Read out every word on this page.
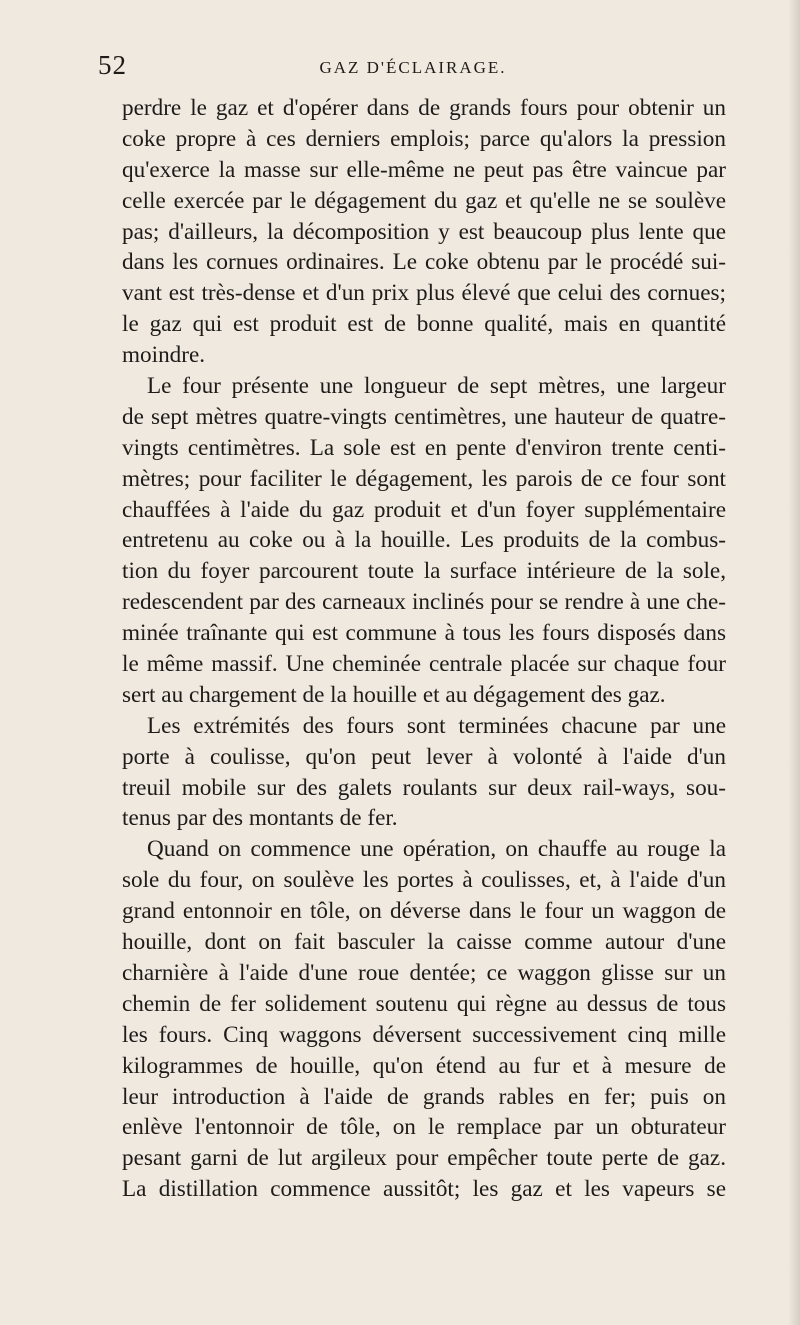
52	GAZ D'ÉCLAIRAGE.
perdre le gaz et d'opérer dans de grands fours pour obtenir un
coke propre à ces derniers emplois; parce qu'alors la pression
qu'exerce la masse sur elle-même ne peut pas être vaincue par
celle exercée par le dégagement du gaz et qu'elle ne se soulève
pas; d'ailleurs, la décomposition y est beaucoup plus lente que
dans les cornues ordinaires. Le coke obtenu par le procédé sui-
vant est très-dense et d'un prix plus élevé que celui des cornues;
le gaz qui est produit est de bonne qualité, mais en quantité
moindre.
Le four présente une longueur de sept mètres, une largeur
de sept mètres quatre-vingts centimètres, une hauteur de quatre-
vingts centimètres. La sole est en pente d'environ trente centi-
mètres; pour faciliter le dégagement, les parois de ce four sont
chauffées à l'aide du gaz produit et d'un foyer supplémentaire
entretenu au coke ou à la houille. Les produits de la combus-
tion du foyer parcourent toute la surface intérieure de la sole,
redescendent par des carneaux inclinés pour se rendre à une che-
minée traînante qui est commune à tous les fours disposés dans
le même massif. Une cheminée centrale placée sur chaque four
sert au chargement de la houille et au dégagement des gaz.
Les extrémités des fours sont terminées chacune par une
porte à coulisse, qu'on peut lever à volonté à l'aide d'un
treuil mobile sur des galets roulants sur deux rail-ways, sou-
tenus par des montants de fer.
Quand on commence une opération, on chauffe au rouge la
sole du four, on soulève les portes à coulisses, et, à l'aide d'un
grand entonnoir en tôle, on déverse dans le four un waggon de
houille, dont on fait basculer la caisse comme autour d'une
charnière à l'aide d'une roue dentée; ce waggon glisse sur un
chemin de fer solidement soutenu qui règne au dessus de tous
les fours. Cinq waggons déversent successivement cinq mille
kilogrammes de houille, qu'on étend au fur et à mesure de
leur introduction à l'aide de grands rables en fer; puis on
enlève l'entonnoir de tôle, on le remplace par un obturateur
pesant garni de lut argileux pour empêcher toute perte de gaz.
La distillation commence aussitôt; les gaz et les vapeurs se
